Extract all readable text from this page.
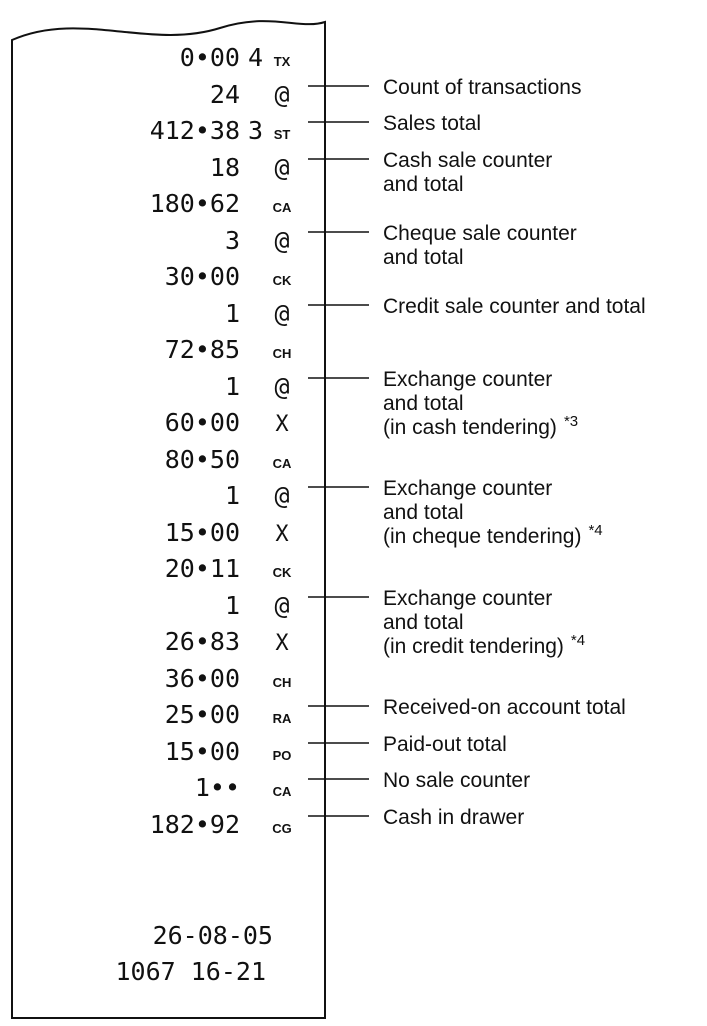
0•00 4 TX
24 @
412•38 3 ST
18 @
180•62	CA
3 @
30•00	CK
1 @
72•85	CH
1 @
60•00 X
80•50	CA
1 @
15•00 X
20•11	CK
1 @
26•83 X
36•00	CH
25•00	RA
15•00	PO
1••	CA
182•92 CG
26-08-05
1067 16-21
Count of transactions
Sales total
Cash sale counter
and total
Cheque sale counter
and total
Credit sale counter and total
Exchange counter
and total
(in cash tendering) *3
Exchange counter
and total
(in cheque tendering) *4
Exchange counter
and total
(in credit tendering) *4
Received-on account total
Paid-out total
No sale counter
Cash in drawer
